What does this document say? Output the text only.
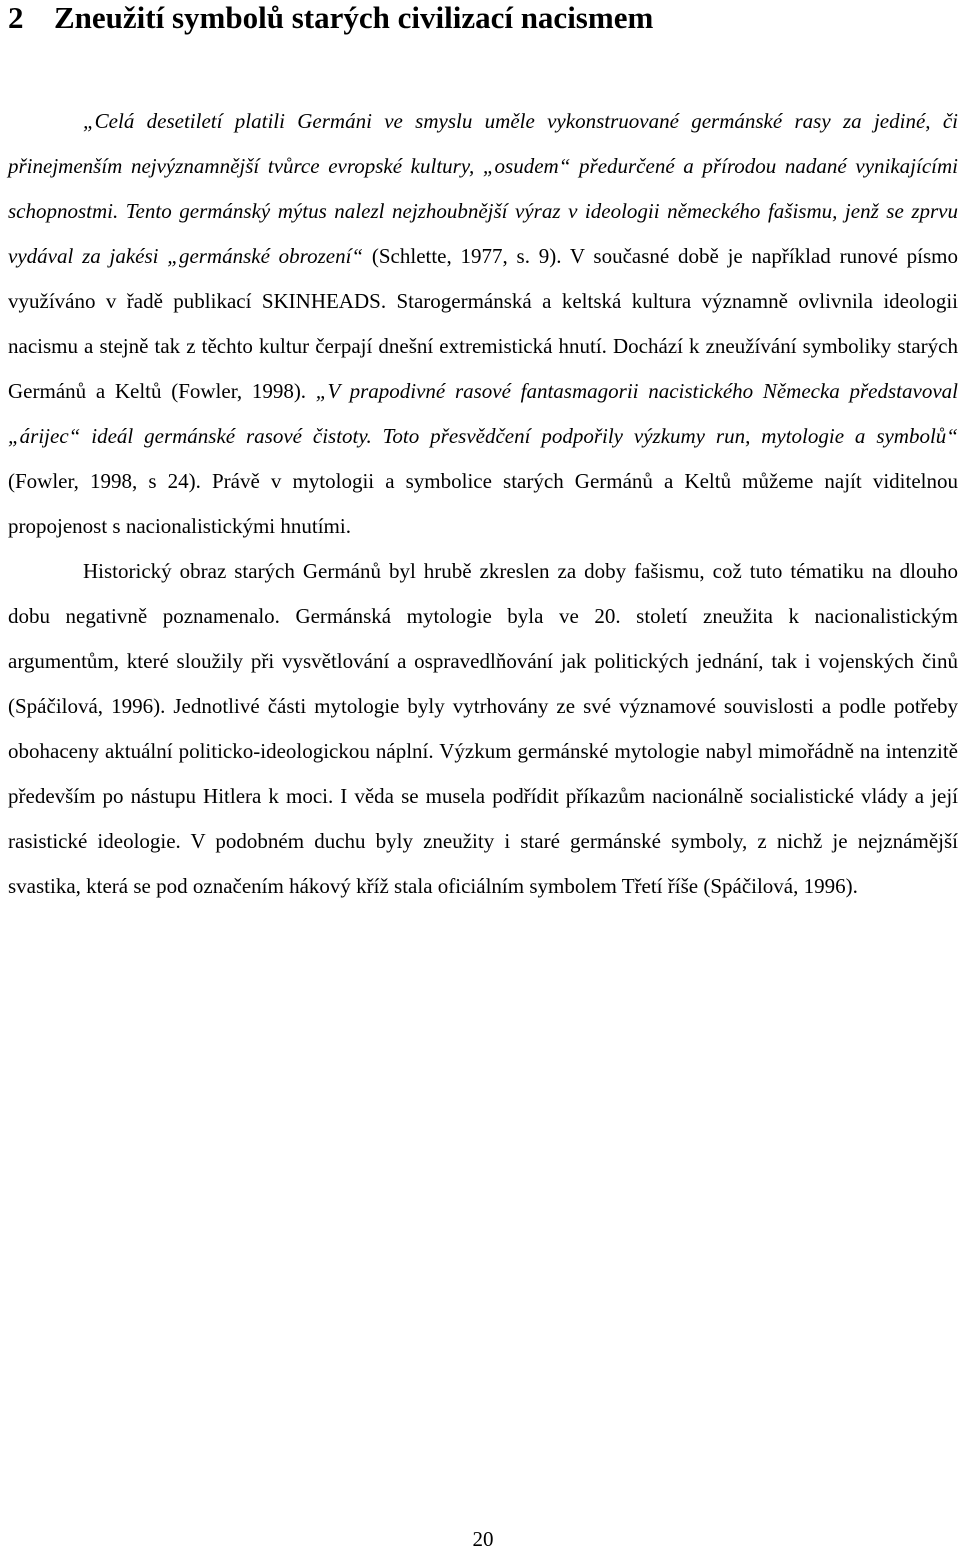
2 Zneužití symbolů starých civilizací nacismem

„Celá desetiletí platili Germáni ve smyslu uměle vykonstruované germánské rasy za jediné, či přinejmenším nejvýznamnější tvůrce evropské kultury, „osudem“ předurčené a přírodou nadané vynikajícími schopnostmi. Tento germánský mýtus nalezl nejzhoubnější výraz v ideologii německého fašismu, jenž se zprvu vydával za jakési „germánské obrození“ (Schlette, 1977, s. 9). V současné době je například runové písmo využíváno v řadě publikací SKINHEADS. Starogermánská a keltská kultura významně ovlivnila ideologii nacismu a stejně tak z těchto kultur čerpají dnešní extremistická hnutí. Dochází k zneužívání symboliky starých Germánů a Keltů (Fowler, 1998). „V prapodivné rasové fantasmagorii nacistického Německa představoval „árijec“ ideál germánské rasové čistoty. Toto přesvědčení podpořily výzkumy run, mytologie a symbolů“ (Fowler, 1998, s 24). Právě v mytologii a symbolice starých Germánů a Keltů můžeme najít viditelnou propojenost s nacionalistickými hnutími.

Historický obraz starých Germánů byl hrubě zkreslen za doby fašismu, což tuto tématiku na dlouho dobu negativně poznamenalo. Germánská mytologie byla ve 20. století zneužita k nacionalistickým argumentům, které sloužily při vysvětlování a ospravedlňování jak politických jednání, tak i vojenských činů (Spáčilová, 1996). Jednotlivé části mytologie byly vytrhovány ze své významové souvislosti a podle potřeby obohaceny aktuální politicko-ideologickou náplní. Výzkum germánské mytologie nabyl mimořádně na intenzitě především po nástupu Hitlera k moci. I věda se musela podřídit příkazům nacionálně socialistické vlády a její rasistické ideologie. V podobném duchu byly zneužity i staré germánské symboly, z nichž je nejznámější svastika, která se pod označením hákový kříž stala oficiálním symbolem Třetí říše (Spáčilová, 1996).

20
